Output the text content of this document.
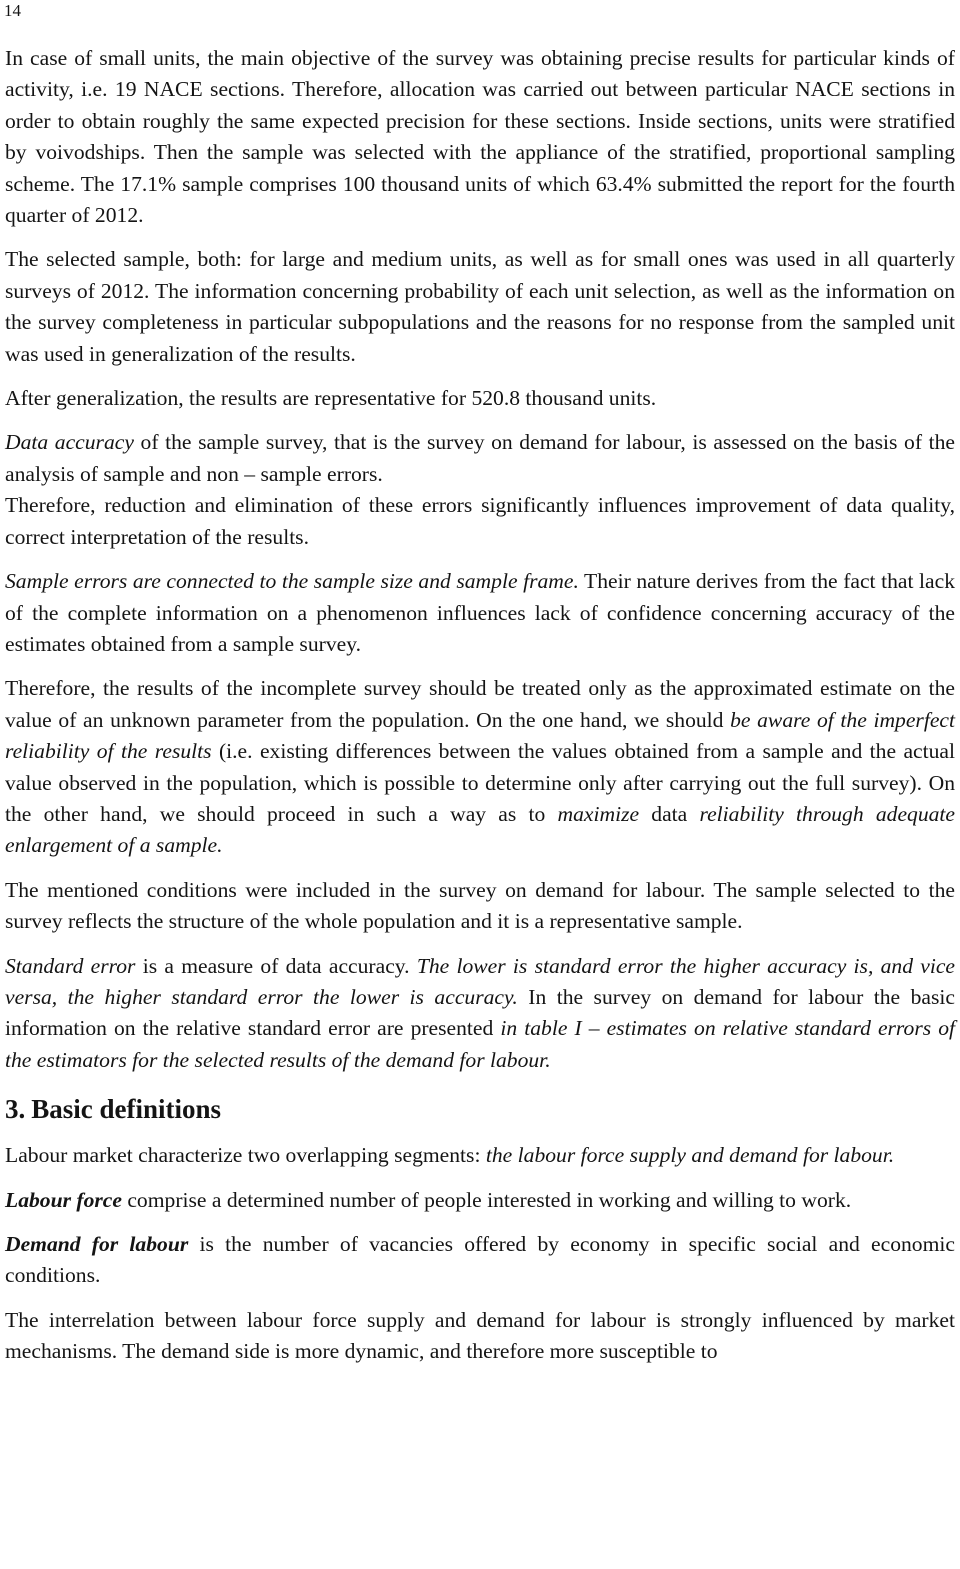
14

In case of small units, the main objective of the survey was obtaining precise results for particular kinds of activity, i.e. 19 NACE sections. Therefore, allocation was carried out between particular NACE sections in order to obtain roughly the same expected precision for these sections. Inside sections, units were stratified by voivodships. Then the sample was selected with the appliance of the stratified, proportional sampling scheme. The 17.1% sample comprises 100 thousand units of which 63.4% submitted the report for the fourth quarter of 2012.

The selected sample, both: for large and medium units, as well as for small ones was used in all quarterly surveys of 2012. The information concerning probability of each unit selection, as well as the information on the survey completeness in particular subpopulations and the reasons for no response from the sampled unit was used in generalization of the results.

After generalization, the results are representative for 520.8 thousand units.

Data accuracy of the sample survey, that is the survey on demand for labour, is assessed on the basis of the analysis of sample and non – sample errors.

Therefore, reduction and elimination of these errors significantly influences improvement of data quality, correct interpretation of the results.

Sample errors are connected to the sample size and sample frame. Their nature derives from the fact that lack of the complete information on a phenomenon influences lack of confidence concerning accuracy of the estimates obtained from a sample survey.

Therefore, the results of the incomplete survey should be treated only as the approximated estimate on the value of an unknown parameter from the population. On the one hand, we should be aware of the imperfect reliability of the results (i.e. existing differences between the values obtained from a sample and the actual value observed in the population, which is possible to determine only after carrying out the full survey). On the other hand, we should proceed in such a way as to maximize data reliability through adequate enlargement of a sample.

The mentioned conditions were included in the survey on demand for labour. The sample selected to the survey reflects the structure of the whole population and it is a representative sample.

Standard error is a measure of data accuracy. The lower is standard error the higher accuracy is, and vice versa, the higher standard error the lower is accuracy. In the survey on demand for labour the basic information on the relative standard error are presented in table I – estimates on relative standard errors of the estimators for the selected results of the demand for labour.

3. Basic definitions

Labour market characterize two overlapping segments: the labour force supply and demand for labour.

Labour force comprise a determined number of people interested in working and willing to work.

Demand for labour is the number of vacancies offered by economy in specific social and economic conditions.

The interrelation between labour force supply and demand for labour is strongly influenced by market mechanisms. The demand side is more dynamic, and therefore more susceptible to
